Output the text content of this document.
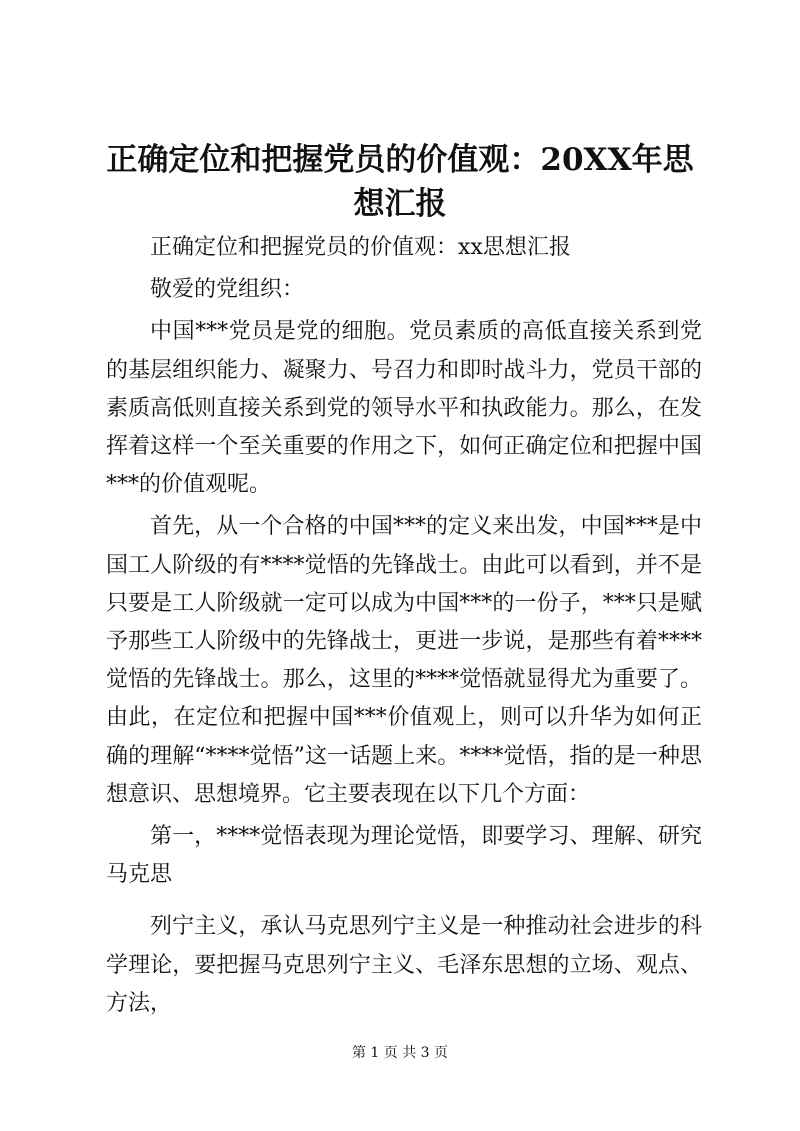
正确定位和把握党员的价值观：20XX年思想汇报

正确定位和把握党员的价值观：xx思想汇报

敬爱的党组织：

中国***党员是党的细胞。党员素质的高低直接关系到党的基层组织能力、凝聚力、号召力和即时战斗力，党员干部的素质高低则直接关系到党的领导水平和执政能力。那么，在发挥着这样一个至关重要的作用之下，如何正确定位和把握中国***的价值观呢。

首先，从一个合格的中国***的定义来出发，中国***是中国工人阶级的有****觉悟的先锋战士。由此可以看到，并不是只要是工人阶级就一定可以成为中国***的一份子，***只是赋予那些工人阶级中的先锋战士，更进一步说，是那些有着****觉悟的先锋战士。那么，这里的****觉悟就显得尤为重要了。由此，在定位和把握中国***价值观上，则可以升华为如何正确的理解“****觉悟”这一话题上来。****觉悟，指的是一种思想意识、思想境界。它主要表现在以下几个方面：

第一，****觉悟表现为理论觉悟，即要学习、理解、研究马克思

列宁主义，承认马克思列宁主义是一种推动社会进步的科学理论，要把握马克思列宁主义、毛泽东思想的立场、观点、方法，

第 1 页 共 3 页
